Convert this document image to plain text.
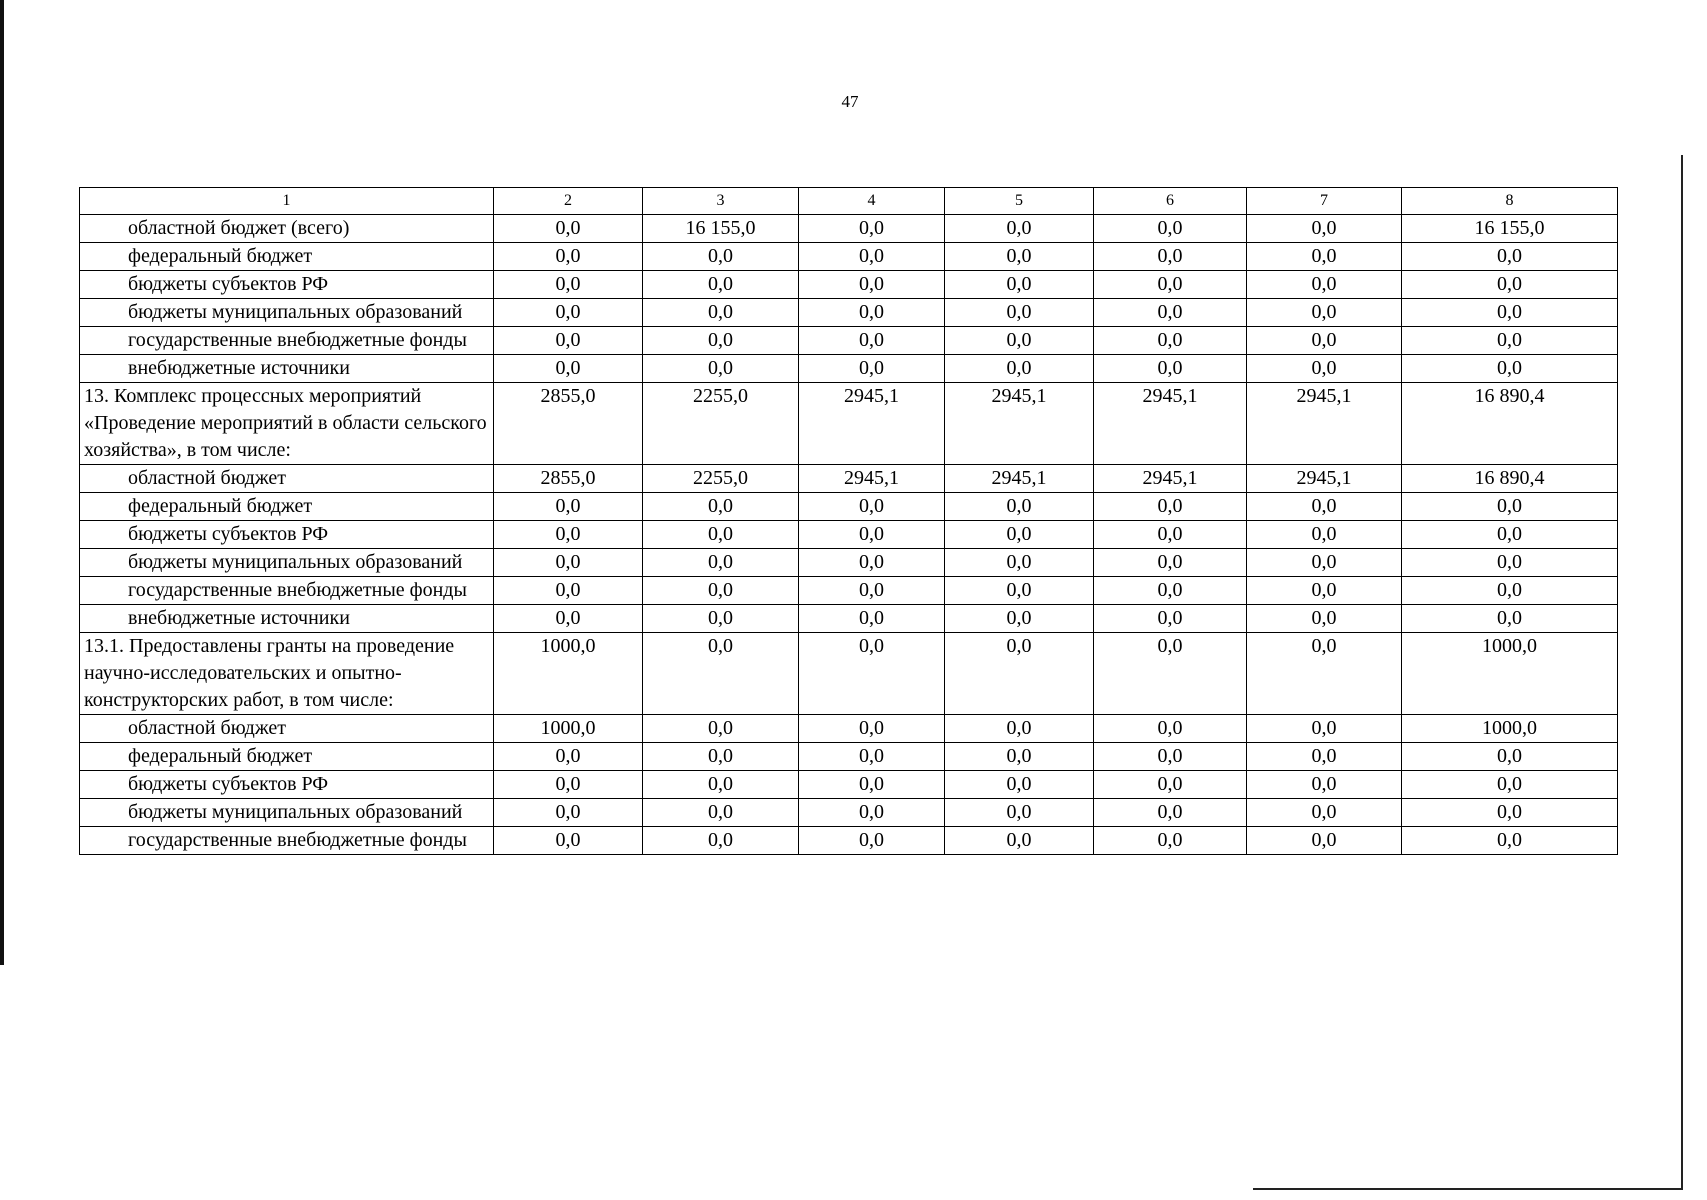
47
1	2	3	4	5	6	7	8
областной бюджет (всего)	0,0	16 155,0	0,0	0,0	0,0	0,0	16 155,0
федеральный бюджет	0,0	0,0	0,0	0,0	0,0	0,0	0,0
бюджеты субъектов РФ	0,0	0,0	0,0	0,0	0,0	0,0	0,0
бюджеты муниципальных образований	0,0	0,0	0,0	0,0	0,0	0,0	0,0
государственные внебюджетные фонды	0,0	0,0	0,0	0,0	0,0	0,0	0,0
внебюджетные источники	0,0	0,0	0,0	0,0	0,0	0,0	0,0
13. Комплекс процессных мероприятий «Проведение мероприятий в области сельского хозяйства», в том числе:	2855,0	2255,0	2945,1	2945,1	2945,1	2945,1	16 890,4
областной бюджет	2855,0	2255,0	2945,1	2945,1	2945,1	2945,1	16 890,4
федеральный бюджет	0,0	0,0	0,0	0,0	0,0	0,0	0,0
бюджеты субъектов РФ	0,0	0,0	0,0	0,0	0,0	0,0	0,0
бюджеты муниципальных образований	0,0	0,0	0,0	0,0	0,0	0,0	0,0
государственные внебюджетные фонды	0,0	0,0	0,0	0,0	0,0	0,0	0,0
внебюджетные источники	0,0	0,0	0,0	0,0	0,0	0,0	0,0
13.1. Предоставлены гранты на проведение научно-исследовательских и опытно-конструкторских работ, в том числе:	1000,0	0,0	0,0	0,0	0,0	0,0	1000,0
областной бюджет	1000,0	0,0	0,0	0,0	0,0	0,0	1000,0
федеральный бюджет	0,0	0,0	0,0	0,0	0,0	0,0	0,0
бюджеты субъектов РФ	0,0	0,0	0,0	0,0	0,0	0,0	0,0
бюджеты муниципальных образований	0,0	0,0	0,0	0,0	0,0	0,0	0,0
государственные внебюджетные фонды	0,0	0,0	0,0	0,0	0,0	0,0	0,0
